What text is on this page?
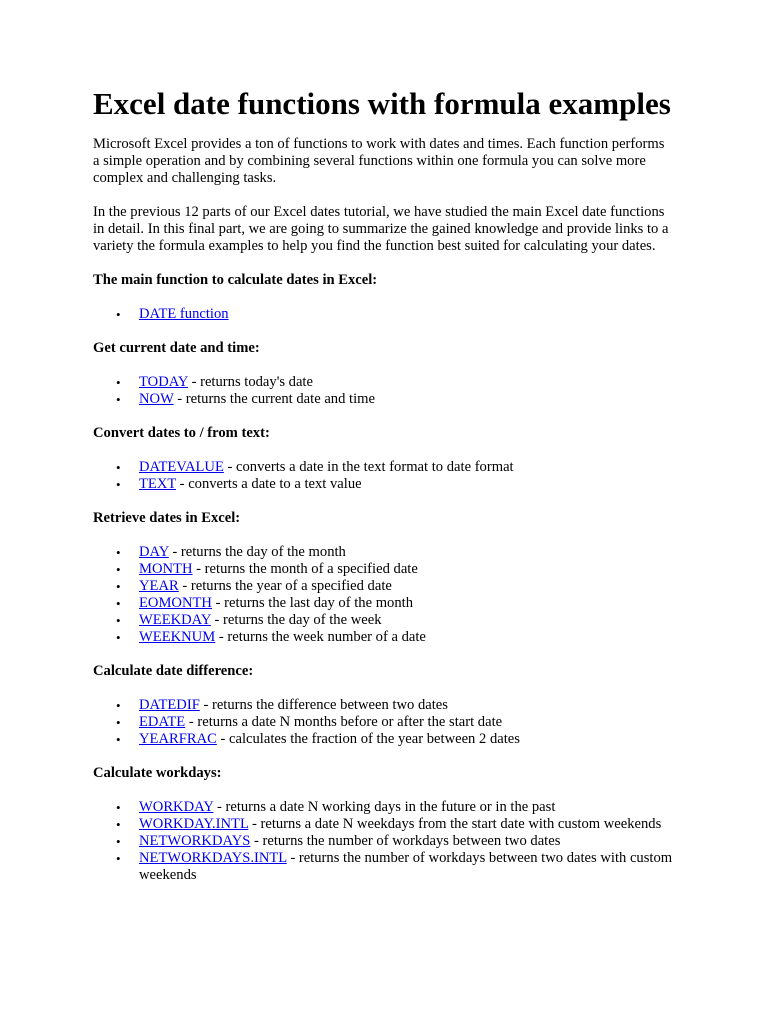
Excel date functions with formula examples

Microsoft Excel provides a ton of functions to work with dates and times. Each function performs a simple operation and by combining several functions within one formula you can solve more complex and challenging tasks.

In the previous 12 parts of our Excel dates tutorial, we have studied the main Excel date functions in detail. In this final part, we are going to summarize the gained knowledge and provide links to a variety the formula examples to help you find the function best suited for calculating your dates.

The main function to calculate dates in Excel:

• DATE function

Get current date and time:

• TODAY - returns today's date
• NOW - returns the current date and time

Convert dates to / from text:

• DATEVALUE - converts a date in the text format to date format
• TEXT - converts a date to a text value

Retrieve dates in Excel:

• DAY - returns the day of the month
• MONTH - returns the month of a specified date
• YEAR - returns the year of a specified date
• EOMONTH - returns the last day of the month
• WEEKDAY - returns the day of the week
• WEEKNUM - returns the week number of a date

Calculate date difference:

• DATEDIF - returns the difference between two dates
• EDATE - returns a date N months before or after the start date
• YEARFRAC - calculates the fraction of the year between 2 dates

Calculate workdays:

• WORKDAY - returns a date N working days in the future or in the past
• WORKDAY.INTL - returns a date N weekdays from the start date with custom weekends
• NETWORKDAYS - returns the number of workdays between two dates
• NETWORKDAYS.INTL - returns the number of workdays between two dates with custom weekends
